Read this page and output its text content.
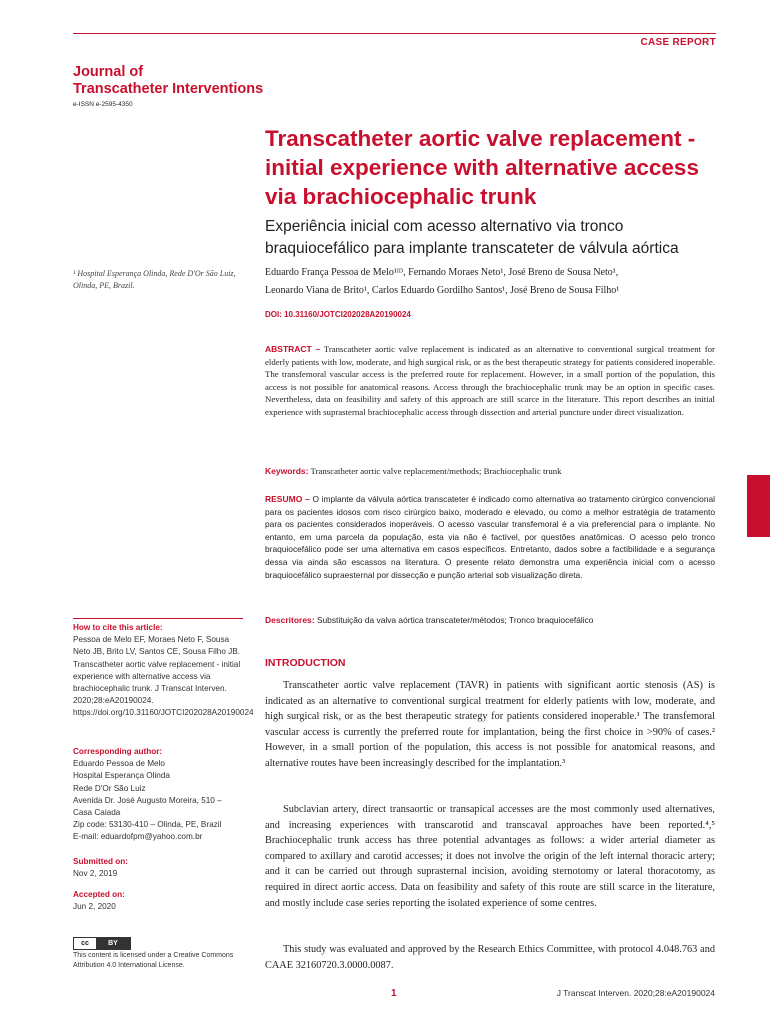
CASE REPORT
Journal of
Transcatheter Interventions
e-ISSN e-2595-4350
Transcatheter aortic valve replacement - initial experience with alternative access via brachiocephalic trunk
Experiência inicial com acesso alternativo via tronco braquiocefálico para implante transcateter de válvula aórtica
Eduardo França Pessoa de Melo¹ᴵᴰ, Fernando Moraes Neto¹, José Breno de Sousa Neto¹,
Leonardo Viana de Brito¹, Carlos Eduardo Gordilho Santos¹, José Breno de Sousa Filho¹
¹ Hospital Esperança Olinda, Rede D'Or São Luiz, Olinda, PE, Brazil.
DOI: 10.31160/JOTCI202028A20190024
ABSTRACT – Transcatheter aortic valve replacement is indicated as an alternative to conventional surgical treatment for elderly patients with low, moderate, and high surgical risk, or as the best therapeutic strategy for patients considered inoperable. The transfemoral vascular access is the preferred route for replacement. However, in a small portion of the population, this access is not possible for anatomical reasons. Access through the brachiocephalic trunk may be an option in specific cases. Nevertheless, data on feasibility and safety of this approach are still scarce in the literature. This report describes an initial experience with suprasternal brachiocephalic access through dissection and arterial puncture under direct visualization.
Keywords: Transcatheter aortic valve replacement/methods; Brachiocephalic trunk
RESUMO – O implante da válvula aórtica transcateter é indicado como alternativa ao tratamento cirúrgico convencional para os pacientes idosos com risco cirúrgico baixo, moderado e elevado, ou como a melhor estratégia de tratamento para os pacientes considerados inoperáveis. O acesso vascular transfemoral é a via preferencial para o implante. No entanto, em uma parcela da população, esta via não é factível, por questões anatômicas. O acesso pelo tronco braquiocefálico pode ser uma alternativa em casos específicos. Entretanto, dados sobre a factibilidade e a segurança dessa via ainda são escassos na literatura. O presente relato demonstra uma experiência inicial com o acesso braquiocefálico supraesternal por dissecção e punção arterial sob visualização direta.
Descritores: Substituição da valva aórtica transcateter/métodos; Tronco braquiocefálico
INTRODUCTION
Transcatheter aortic valve replacement (TAVR) in patients with significant aortic stenosis (AS) is indicated as an alternative to conventional surgical treatment for elderly patients with low, moderate, and high surgical risk, or as the best therapeutic strategy for patients considered inoperable.¹ The transfemoral vascular access is currently the preferred route for implantation, being the first choice in >90% of cases.² However, in a small portion of the population, this access is not possible for anatomical reasons, and alternative routes have been increasingly described for the implantation.³
Subclavian artery, direct transaortic or transapical accesses are the most commonly used alternatives, and increasing experiences with transcarotid and transcaval approaches have been reported.⁴,⁵ Brachiocephalic trunk access has three potential advantages as follows: a wider arterial diameter as compared to axillary and carotid accesses; it does not involve the origin of the left internal thoracic artery; and it can be carried out through suprasternal incision, avoiding sternotomy or lateral thoracotomy, as required in direct aortic access. Data on feasibility and safety of this route are still scarce in the literature, and mostly include case series reporting the isolated experience of some centres.
This study was evaluated and approved by the Research Ethics Committee, with protocol 4.048.763 and CAAE 32160720.3.0000.0087.
How to cite this article:
Pessoa de Melo EF, Moraes Neto F, Sousa Neto JB, Brito LV, Santos CE, Sousa Filho JB. Transcatheter aortic valve replacement - initial experience with alternative access via brachiocephalic trunk. J Transcat Interven. 2020;28:eA20190024. https://doi.org/10.31160/JOTCI202028A20190024
Corresponding author:
Eduardo Pessoa de Melo
Hospital Esperança Olinda
Rede D'Or São Luiz
Avenida Dr. José Augusto Moreira, 510 – Casa Caiada
Zip code: 53130-410 – Olinda, PE, Brazil
E-mail: eduardofpm@yahoo.com.br
Submitted on:
Nov 2, 2019
Accepted on:
Jun 2, 2020
cc	BY
This content is licensed under a Creative Commons Attribution 4.0 International License.
1	J Transcat Interven. 2020;28:eA20190024
